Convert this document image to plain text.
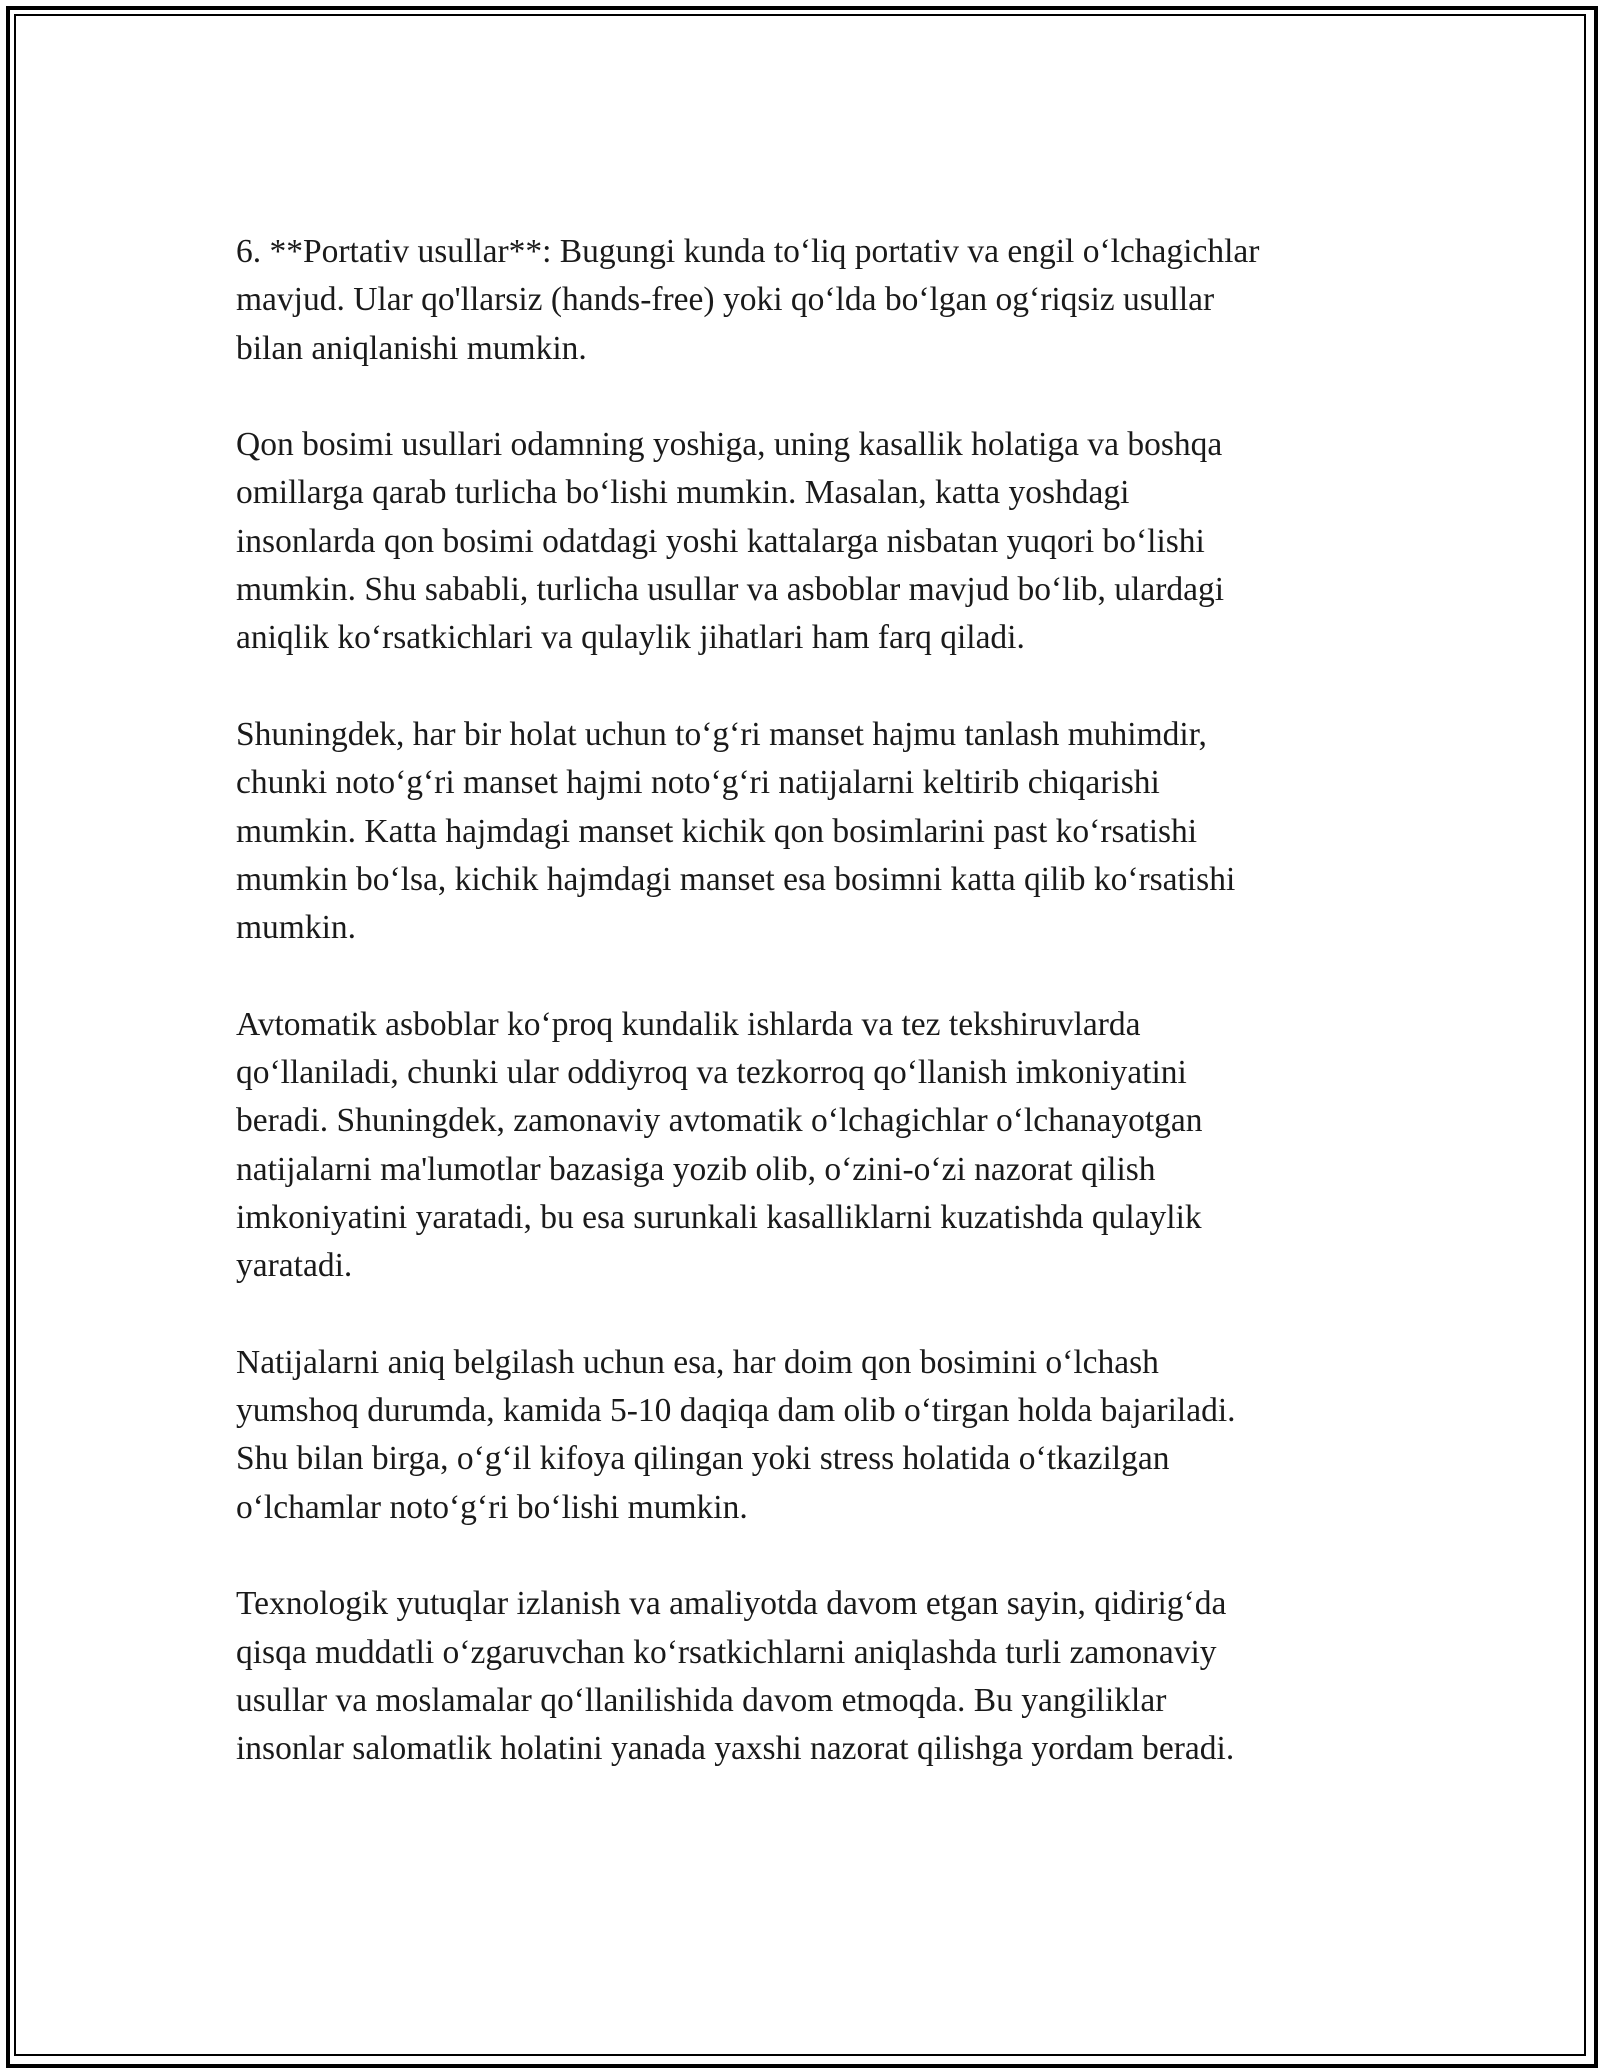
6. **Portativ usullar**: Bugungi kunda to‘liq portativ va engil o‘lchagichlar
mavjud. Ular qo'llarsiz (hands-free) yoki qo‘lda bo‘lgan og‘riqsiz usullar
bilan aniqlanishi mumkin.

Qon bosimi usullari odamning yoshiga, uning kasallik holatiga va boshqa
omillarga qarab turlicha bo‘lishi mumkin. Masalan, katta yoshdagi
insonlarda qon bosimi odatdagi yoshi kattalarga nisbatan yuqori bo‘lishi
mumkin. Shu sababli, turlicha usullar va asboblar mavjud bo‘lib, ulardagi
aniqlik ko‘rsatkichlari va qulaylik jihatlari ham farq qiladi.

Shuningdek, har bir holat uchun to‘g‘ri manset hajmu tanlash muhimdir,
chunki noto‘g‘ri manset hajmi noto‘g‘ri natijalarni keltirib chiqarishi
mumkin. Katta hajmdagi manset kichik qon bosimlarini past ko‘rsatishi
mumkin bo‘lsa, kichik hajmdagi manset esa bosimni katta qilib ko‘rsatishi
mumkin.

Avtomatik asboblar ko‘proq kundalik ishlarda va tez tekshiruvlarda
qo‘llaniladi, chunki ular oddiyroq va tezkorroq qo‘llanish imkoniyatini
beradi. Shuningdek, zamonaviy avtomatik o‘lchagichlar o‘lchanayotgan
natijalarni ma'lumotlar bazasiga yozib olib, o‘zini-o‘zi nazorat qilish
imkoniyatini yaratadi, bu esa surunkali kasalliklarni kuzatishda qulaylik
yaratadi.

Natijalarni aniq belgilash uchun esa, har doim qon bosimini o‘lchash
yumshoq durumda, kamida 5-10 daqiqa dam olib o‘tirgan holda bajariladi.
Shu bilan birga, o‘g‘il kifoya qilingan yoki stress holatida o‘tkazilgan
o‘lchamlar noto‘g‘ri bo‘lishi mumkin.

Texnologik yutuqlar izlanish va amaliyotda davom etgan sayin, qidirig‘da
qisqa muddatli o‘zgaruvchan ko‘rsatkichlarni aniqlashda turli zamonaviy
usullar va moslamalar qo‘llanilishida davom etmoqda. Bu yangiliklar
insonlar salomatlik holatini yanada yaxshi nazorat qilishga yordam beradi.
